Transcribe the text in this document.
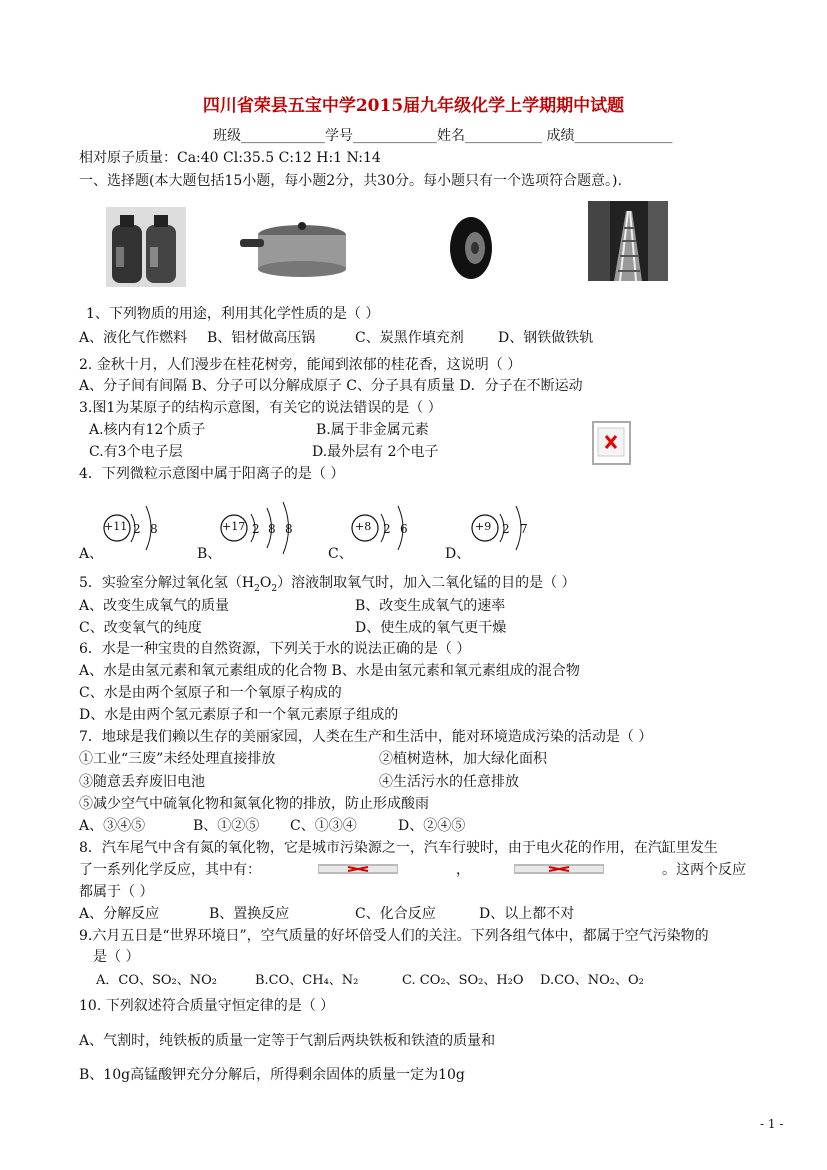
四川省荣县五宝中学2015届九年级化学上学期期中试题
班级____________学号____________姓名___________ 成绩______________
相对原子质量：Ca:40 Cl:35.5 C:12 H:1 N:14
一、选择题(本大题包括15小题，每小题2分，共30分。每小题只有一个选项符合题意。).
1、下列物质的用途，利用其化学性质的是（ ）
A、液化气作燃料 B、铝材做高压锅	C、炭黑作填充剂 D、钢铁做铁轨
2. 金秋十月，人们漫步在桂花树旁，能闻到浓郁的桂花香，这说明（ ）
A、分子间有间隔 B、分子可以分解成原子 C、分子具有质量 D．分子在不断运动
3.图1为某原子的结构示意图，有关它的说法错误的是（ ）
A.核内有12个质子	B.属于非金属元素
C.有3个电子层	D.最外层有 2个电子
4．下列微粒示意图中属于阳离子的是（ ）
A、
+11 2 8
B、
+17 2 8 8
C、
+8 2 6
D、
+9 2 7
5．实验室分解过氧化氢$(H_2O_2)$溶液制取氧气时，加入二氧化锰的目的是（ ）
A、改变生成氧气的质量	B、改变生成氧气的速率
C、改变氧气的纯度	D、使生成的氧气更干燥
6．水是一种宝贵的自然资源，下列关于水的说法正确的是（ ）
A、水是由氢元素和氧元素组成的化合物 B、水是由氢元素和氧元素组成的混合物
C、水是由两个氢原子和一个氧原子构成的
D、水是由两个氢元素原子和一个氧元素原子组成的
7．地球是我们赖以生存的美丽家园，人类在生产和生活中，能对环境造成污染的活动是（ ）
①工业“三废”未经处理直接排放	②植树造林，加大绿化面积
③随意丢弃废旧电池	④生活污水的任意排放
⑤减少空气中硫氧化物和氮氧化物的排放，防止形成酸雨
A、③④⑤	B、①②⑤ C、①③④	D、②④⑤
8．汽车尾气中含有氮的氧化物，它是城市污染源之一，汽车行驶时，由于电火花的作用，在汽缸里发生
了一系列化学反应，其中有：	，	。这两个反应
都属于（ ）
A、分解反应	B、置换反应	C、化合反应	D、以上都不对
9.六月五日是“世界环境日”，空气质量的好坏倍受人们的关注。下列各组气体中，都属于空气污染物的
是（ ）
A．CO、SO₂、NO₂	B.CO、CH₄、N₂	C. CO₂、SO₂、H₂O D.CO、NO₂、O₂
10. 下列叙述符合质量守恒定律的是（ ）
A、气割时，纯铁板的质量一定等于气割后两块铁板和铁渣的质量和
B、10g高锰酸钾充分分解后，所得剩余固体的质量一定为10g
- 1 -
